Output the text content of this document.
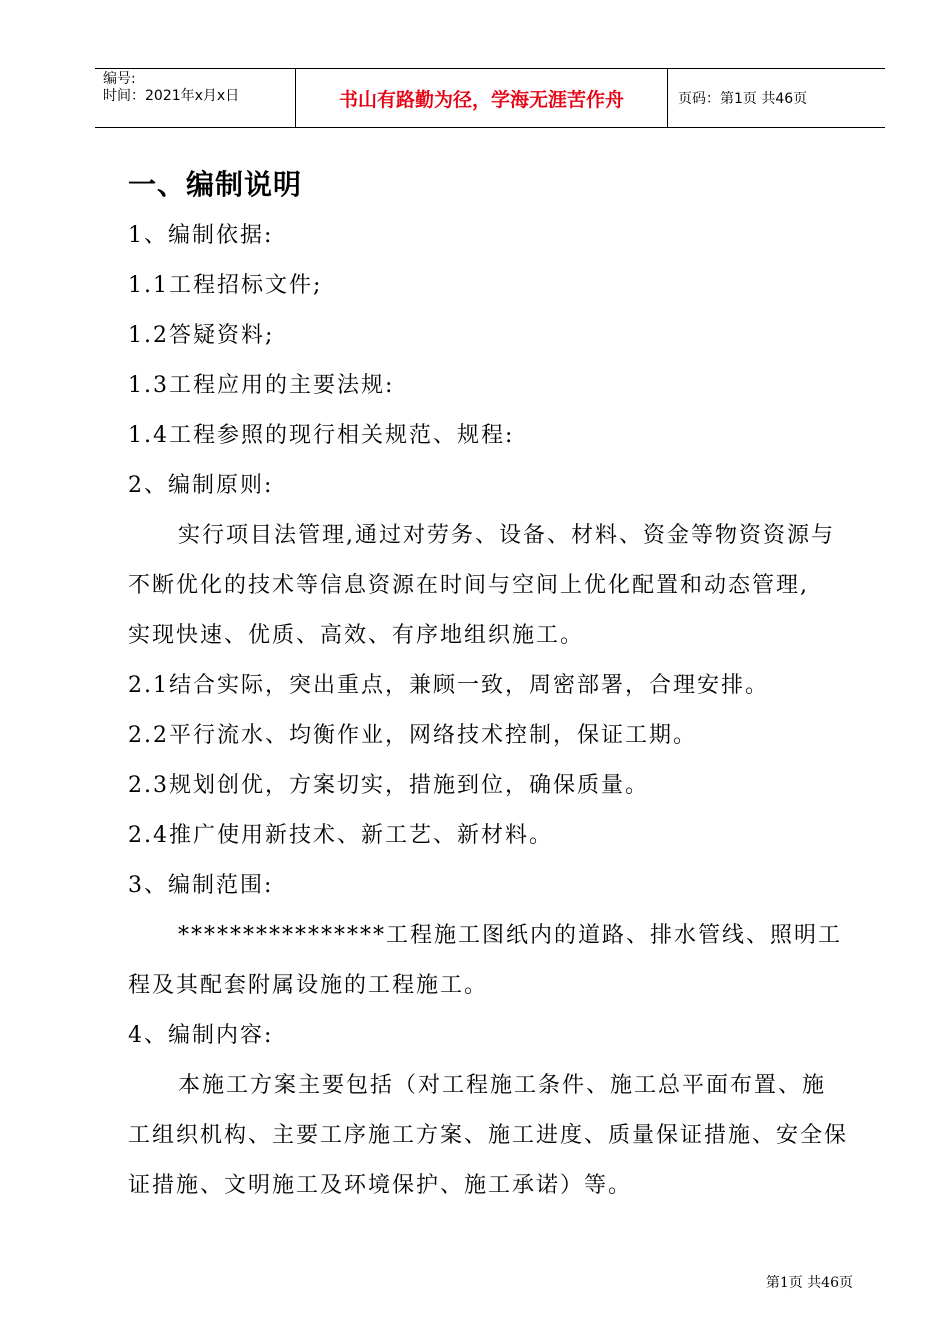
编号:
时间：2021年x月x日	书山有路勤为径，学海无涯苦作舟	页码：第1页 共46页
一、编制说明
1、编制依据:
1.1工程招标文件;
1.2答疑资料;
1.3工程应用的主要法规:
1.4工程参照的现行相关规范、规程:
2、编制原则:
实行项目法管理,通过对劳务、设备、材料、资金等物资资源与
不断优化的技术等信息资源在时间与空间上优化配置和动态管理,
实现快速、优质、高效、有序地组织施工。
2.1结合实际，突出重点，兼顾一致，周密部署，合理安排。
2.2平行流水、均衡作业，网络技术控制，保证工期。
2.3规划创优，方案切实，措施到位，确保质量。
2.4推广使用新技术、新工艺、新材料。
3、编制范围:
****************工程施工图纸内的道路、排水管线、照明工
程及其配套附属设施的工程施工。
4、编制内容:
本施工方案主要包括（对工程施工条件、施工总平面布置、施
工组织机构、主要工序施工方案、施工进度、质量保证措施、安全保
证措施、文明施工及环境保护、施工承诺）等。
第1页 共46页
